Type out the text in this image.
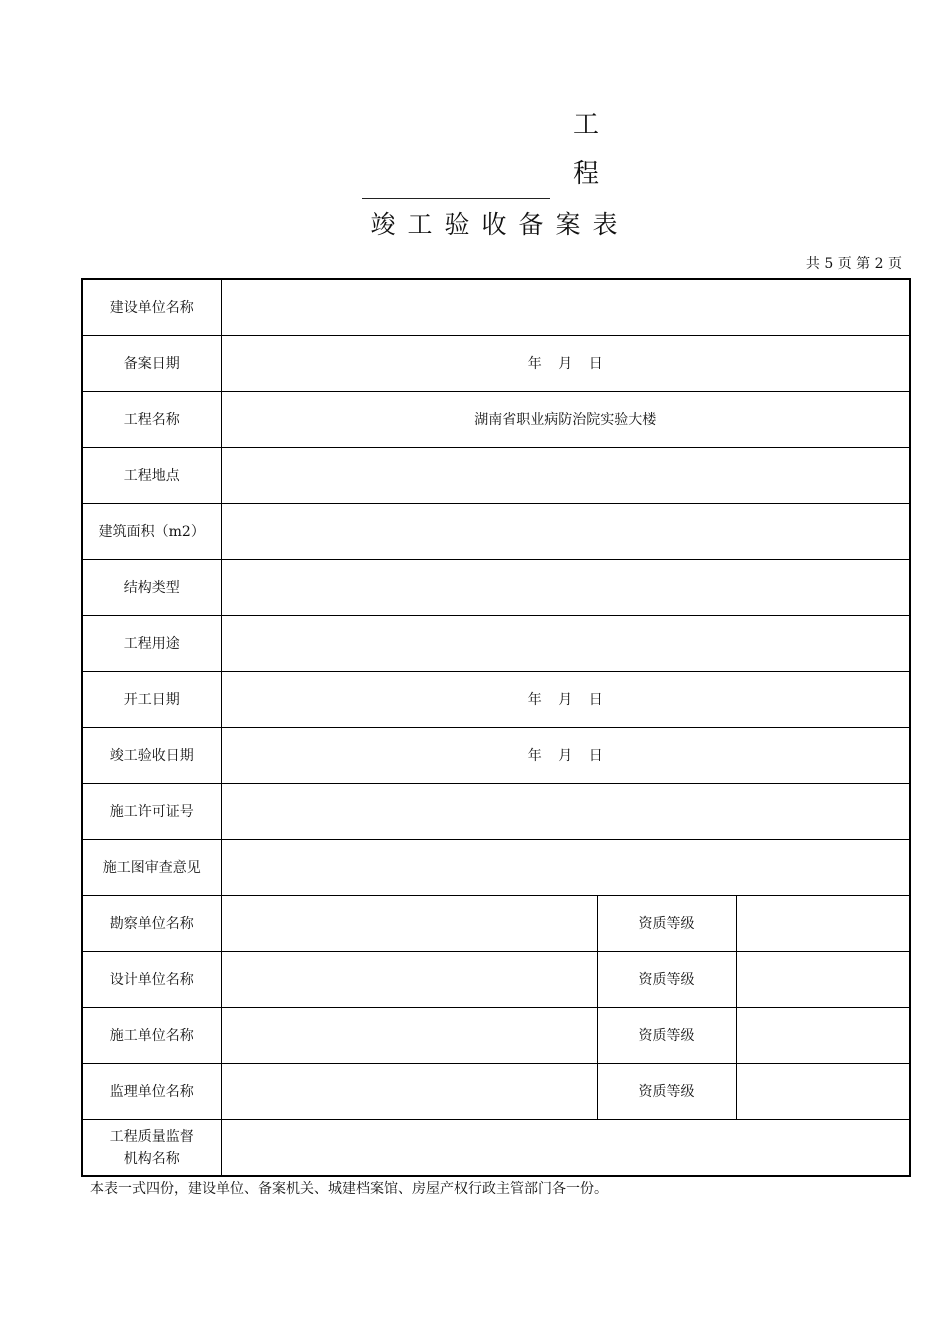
工
程
竣工验收备案表
共 5 页 第 2 页
建设单位名称			
备案日期	年 月 日		
工程名称	湖南省职业病防治院实验大楼		
工程地点			
建筑面积（m2）			
结构类型			
工程用途			
开工日期	年 月 日		
竣工验收日期	年 月 日		
施工许可证号			
施工图审查意见			
勘察单位名称		资质等级	
设计单位名称		资质等级	
施工单位名称		资质等级	
监理单位名称		资质等级	

工程质量监督
机构名称			

本表一式四份，建设单位、备案机关、城建档案馆、房屋产权行政主管部门各一份。
